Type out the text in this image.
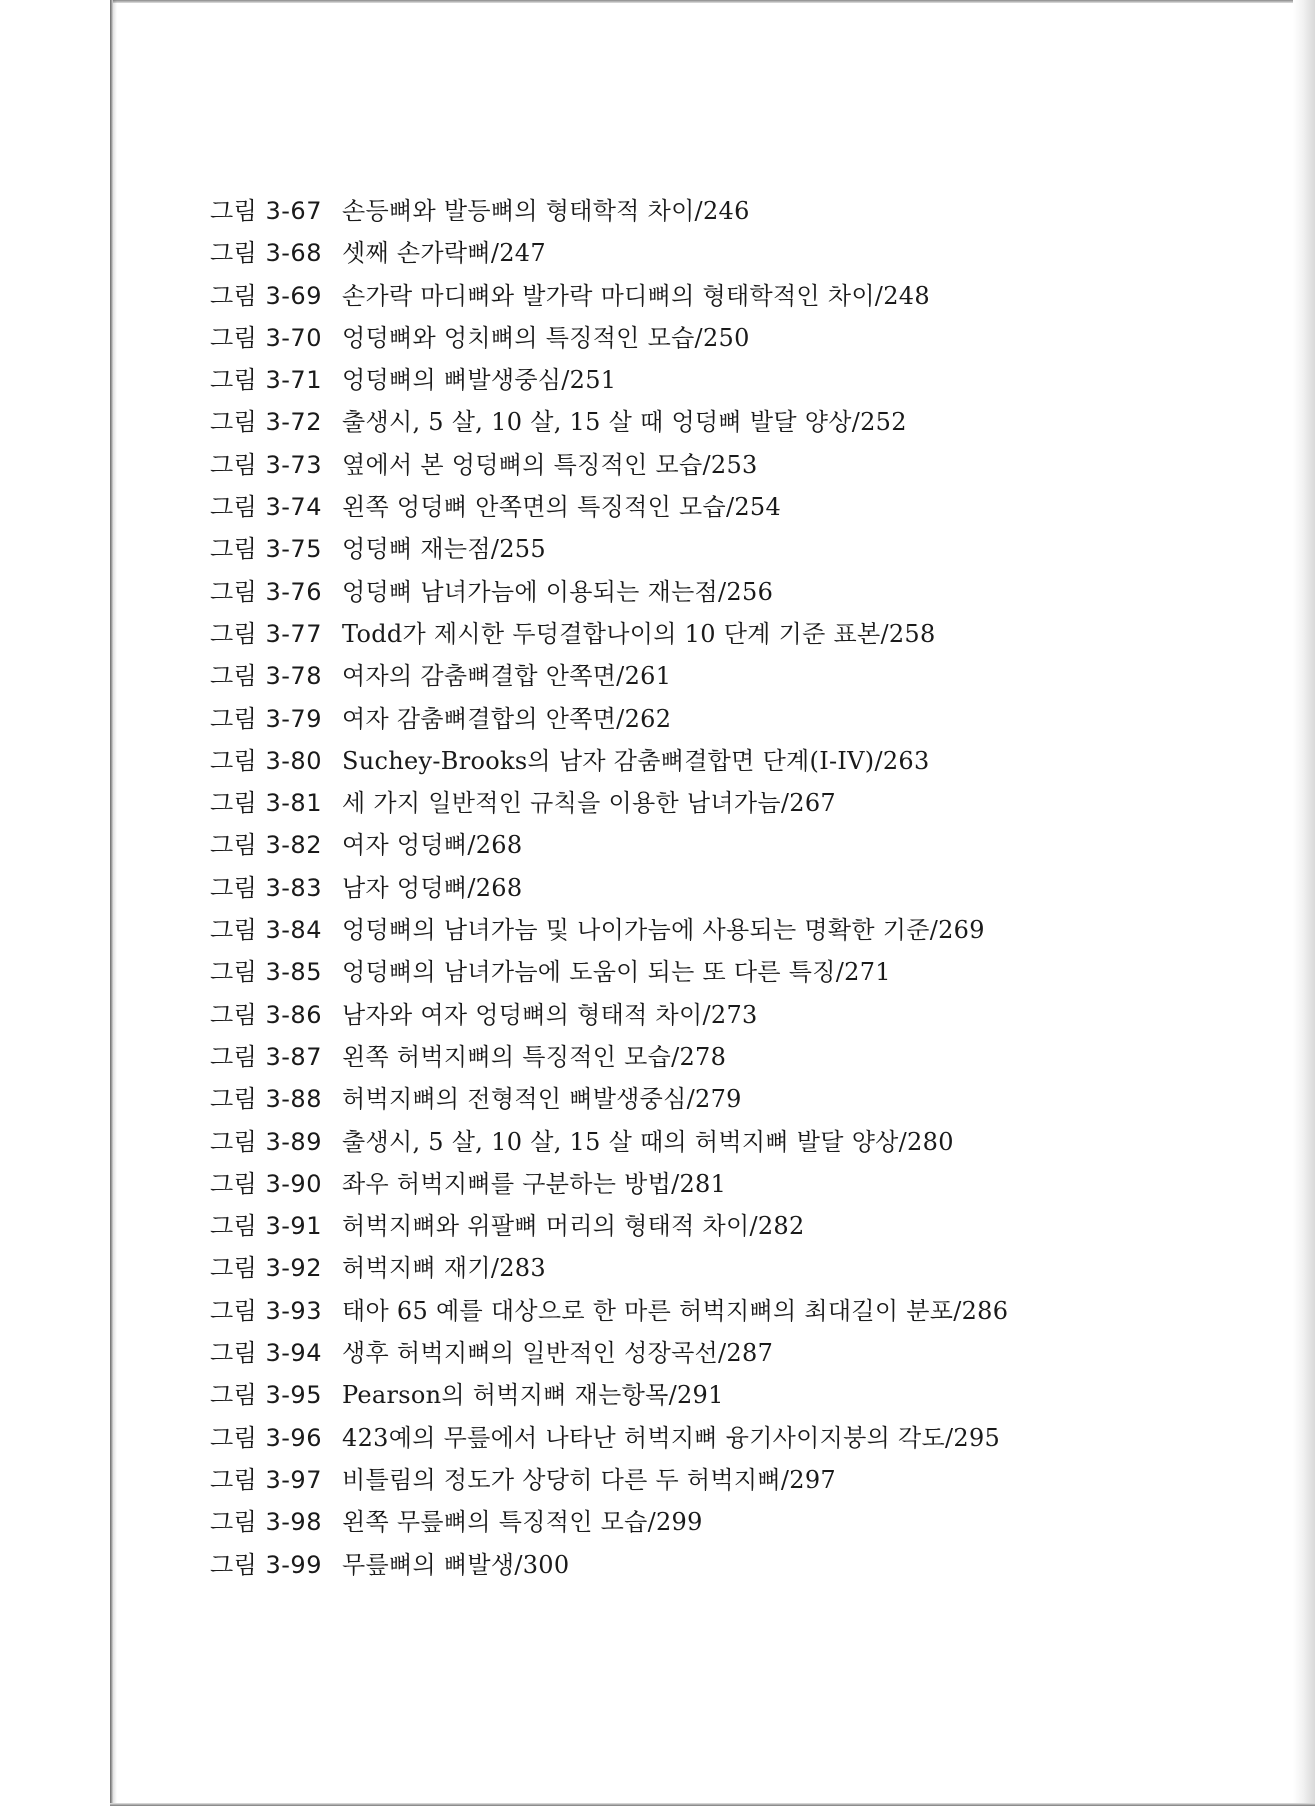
그림 3-67 손등뼈와 발등뼈의 형태학적 차이/246
그림 3-68 셋째 손가락뼈/247
그림 3-69 손가락 마디뼈와 발가락 마디뼈의 형태학적인 차이/248
그림 3-70 엉덩뼈와 엉치뼈의 특징적인 모습/250
그림 3-71 엉덩뼈의 뼈발생중심/251
그림 3-72 출생시, 5 살, 10 살, 15 살 때 엉덩뼈 발달 양상/252
그림 3-73 옆에서 본 엉덩뼈의 특징적인 모습/253
그림 3-74 왼쪽 엉덩뼈 안쪽면의 특징적인 모습/254
그림 3-75 엉덩뼈 재는점/255
그림 3-76 엉덩뼈 남녀가늠에 이용되는 재는점/256
그림 3-77 Todd가 제시한 두덩결합나이의 10 단계 기준 표본/258
그림 3-78 여자의 감춤뼈결합 안쪽면/261
그림 3-79 여자 감춤뼈결합의 안쪽면/262
그림 3-80 Suchey-Brooks의 남자 감춤뼈결합면 단계(I-IV)/263
그림 3-81 세 가지 일반적인 규칙을 이용한 남녀가늠/267
그림 3-82 여자 엉덩뼈/268
그림 3-83 남자 엉덩뼈/268
그림 3-84 엉덩뼈의 남녀가늠 및 나이가늠에 사용되는 명확한 기준/269
그림 3-85 엉덩뼈의 남녀가늠에 도움이 되는 또 다른 특징/271
그림 3-86 남자와 여자 엉덩뼈의 형태적 차이/273
그림 3-87 왼쪽 허벅지뼈의 특징적인 모습/278
그림 3-88 허벅지뼈의 전형적인 뼈발생중심/279
그림 3-89 출생시, 5 살, 10 살, 15 살 때의 허벅지뼈 발달 양상/280
그림 3-90 좌우 허벅지뼈를 구분하는 방법/281
그림 3-91 허벅지뼈와 위팔뼈 머리의 형태적 차이/282
그림 3-92 허벅지뼈 재기/283
그림 3-93 태아 65 예를 대상으로 한 마른 허벅지뼈의 최대길이 분포/286
그림 3-94 생후 허벅지뼈의 일반적인 성장곡선/287
그림 3-95 Pearson의 허벅지뼈 재는항목/291
그림 3-96 423예의 무릎에서 나타난 허벅지뼈 융기사이지붕의 각도/295
그림 3-97 비틀림의 정도가 상당히 다른 두 허벅지뼈/297
그림 3-98 왼쪽 무릎뼈의 특징적인 모습/299
그림 3-99 무릎뼈의 뼈발생/300
